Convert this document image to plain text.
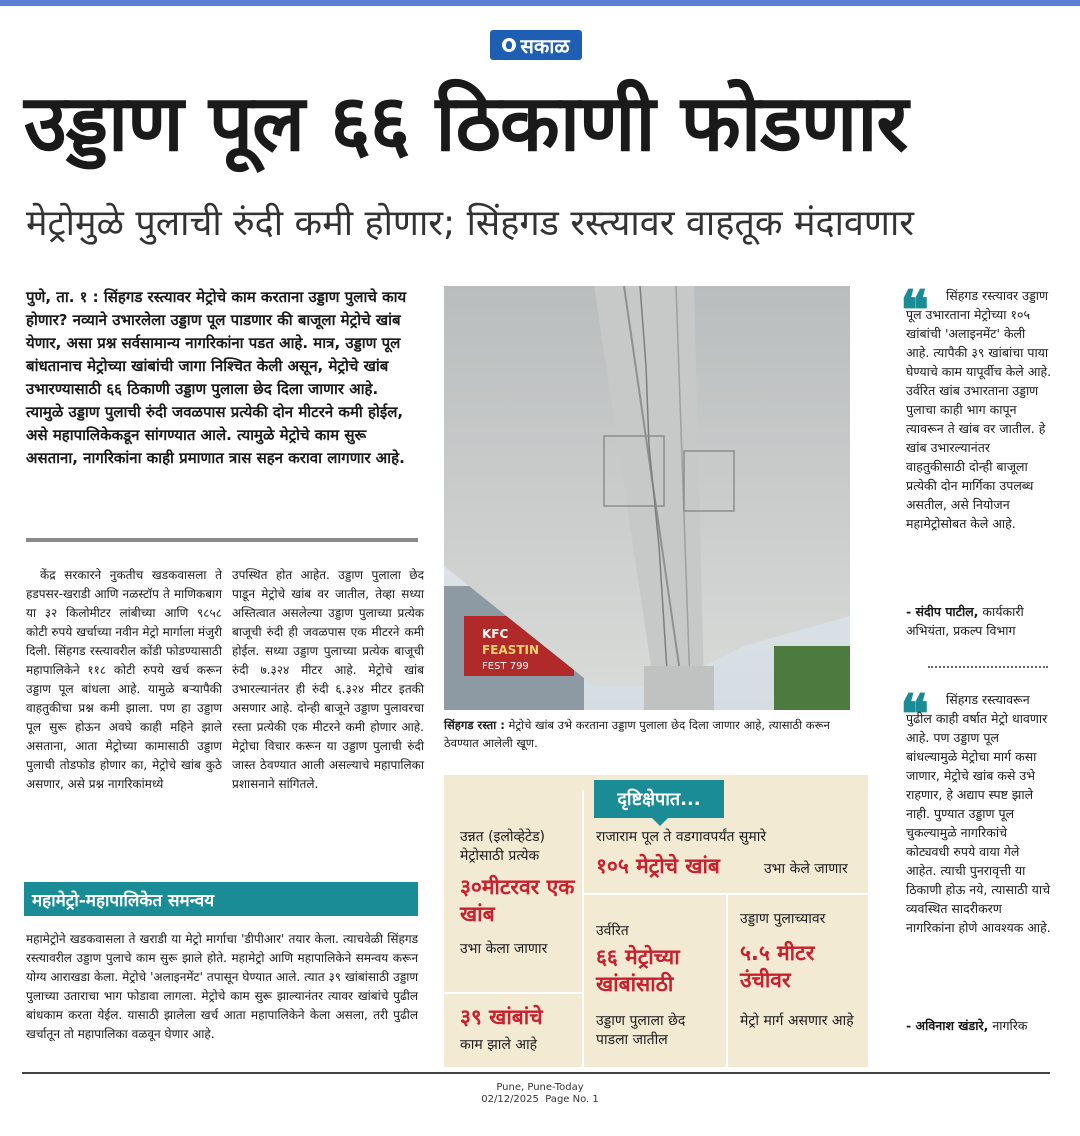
सकाळ
उड्डाण पूल ६६ ठिकाणी फोडणार
मेट्रोमुळे पुलाची रुंदी कमी होणार; सिंहगड रस्त्यावर वाहतूक मंदावणार

पुणे, ता. १ : सिंहगड रस्त्यावर मेट्रोचे काम करताना उड्डाण पुलाचे काय होणार? नव्याने उभारलेला उड्डाण पूल पाडणार की बाजूला मेट्रोचे खांब येणार, असा प्रश्न सर्वसामान्य नागरिकांना पडत आहे. मात्र, उड्डाण पूल बांधतानाच मेट्रोच्या खांबांची जागा निश्चित केली असून, मेट्रोचे खांब उभारण्यासाठी ६६ ठिकाणी उड्डाण पुलाला छेद दिला जाणार आहे. त्यामुळे उड्डाण पुलाची रुंदी जवळपास प्रत्येकी दोन मीटरने कमी होईल, असे महापालिकेकडून सांगण्यात आले. त्यामुळे मेट्रोचे काम सुरू असताना, नागरिकांना काही प्रमाणात त्रास सहन करावा लागणार आहे.

केंद्र सरकारने नुकतीच खडकवासला ते हडपसर-खराडी आणि नळस्टॉप ते माणिकबाग या ३२ किलोमीटर लांबीच्या आणि ९८५८ कोटी रुपये खर्चाच्या नवीन मेट्रो मार्गाला मंजुरी दिली. सिंहगड रस्त्यावरील कोंडी फोडण्यासाठी महापालिकेने ११८ कोटी रुपये खर्च करून उड्डाण पूल बांधला आहे. यामुळे बऱ्यापैकी वाहतुकीचा प्रश्न कमी झाला. पण हा उड्डाण पूल सुरू होऊन अवघे काही महिने झाले असताना, आता मेट्रोच्या कामासाठी उड्डाण पुलाची तोडफोड होणार का, मेट्रोचे खांब कुठे असणार, असे प्रश्न नागरिकांमध्ये

उपस्थित होत आहेत. उड्डाण पुलाला छेद पाडून मेट्रोचे खांब वर जातील, तेव्हा सध्या अस्तित्वात असलेल्या उड्डाण पुलाच्या प्रत्येक बाजूची रुंदी ही जवळपास एक मीटरने कमी होईल. सध्या उड्डाण पुलाच्या प्रत्येक बाजूची रुंदी ७.३२४ मीटर आहे. मेट्रोचे खांब उभारल्यानंतर ही रुंदी ६.३२४ मीटर इतकी असणार आहे. दोन्ही बाजूने उड्डाण पुलावरचा रस्ता प्रत्येकी एक मीटरने कमी होणार आहे. मेट्रोचा विचार करून या उड्डाण पुलाची रुंदी जास्त ठेवण्यात आली असल्याचे महापालिका प्रशासनाने सांगितले.

महामेट्रो-महापालिकेत समन्वय

महामेट्रोने खडकवासला ते खराडी या मेट्रो मार्गाचा 'डीपीआर' तयार केला. त्याचवेळी सिंहगड रस्त्यावरील उड्डाण पुलाचे काम सुरू झाले होते. महामेट्रो आणि महापालिकेने समन्वय करून योग्य आराखडा केला. मेट्रोचे 'अलाइनमेंट' तपासून घेण्यात आले. त्यात ३९ खांबांसाठी उड्डाण पुलाच्या उताराचा भाग फोडावा लागला. मेट्रोचे काम सुरू झाल्यानंतर त्यावर खांबांचे पुढील बांधकाम करता येईल. यासाठी झालेला खर्च आता महापालिकेने केला असला, तरी पुढील खर्चातून तो महापालिका वळवून घेणार आहे.

KFC
FEASTIN
FEST 799

सिंहगड रस्ता : मेट्रोचे खांब उभे करताना उड्डाण पुलाला छेद दिला जाणार आहे, त्यासाठी करून ठेवण्यात आलेली खूण.

दृष्टिक्षेपात...
उन्नत (इलोव्हेटेड) मेट्रोसाठी प्रत्येक
३०मीटरवर एक खांब
उभा केला जाणार
३९ खांबांचे
काम झाले आहे
राजाराम पूल ते वडगावपर्यंत सुमारे
१०५ मेट्रोचे खांब	उभा केले जाणार
उर्वरित
६६ मेट्रोच्या खांबांसाठी
उड्डाण पुलाला छेद पाडला जातील
उड्डाण पुलाच्यावर
५.५ मीटर उंचीवर
मेट्रो मार्ग असणार आहे
❝	सिंहगड रस्त्यावर उड्डाण पूल उभारताना मेट्रोच्या १०५ खांबांची 'अलाइनमेंट' केली आहे. त्यापैकी ३९ खांबांचा पाया घेण्याचे काम यापूर्वीच केले आहे. उर्वरित खांब उभारताना उड्डाण पुलाचा काही भाग कापून त्यावरून ते खांब वर जातील. हे खांब उभारल्यानंतर वाहतुकीसाठी दोन्ही बाजूला प्रत्येकी दोन मार्गिका उपलब्ध असतील, असे नियोजन महामेट्रोसोबत केले आहे.

- संदीप पाटील, कार्यकारी अभियंता, प्रकल्प विभाग

❝	सिंहगड रस्त्यावरून पुढील काही वर्षात मेट्रो धावणार आहे. पण उड्डाण पूल बांधल्यामुळे मेट्रोचा मार्ग कसा जाणार, मेट्रोचे खांब कसे उभे राहणार, हे अद्याप स्पष्ट झाले नाही. पुण्यात उड्डाण पूल चुकल्यामुळे नागरिकांचे कोट्यवधी रुपये वाया गेले आहेत. त्याची पुनरावृत्ती या ठिकाणी होऊ नये, त्यासाठी याचे व्यवस्थित सादरीकरण नागरिकांना होणे आवश्यक आहे.

- अविनाश खंडारे, नागरिक

Pune, Pune-Today
02/12/2025  Page No. 1
